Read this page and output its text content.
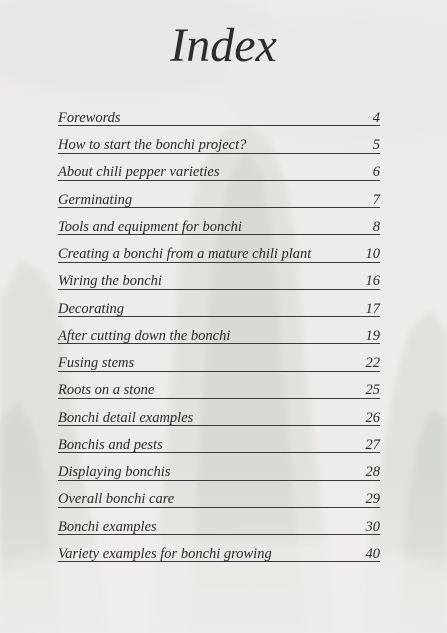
Index
Forewords	4
How to start the bonchi project?	5
About chili pepper varieties	6
Germinating	7
Tools and equipment for bonchi	8
Creating a bonchi from a mature chili plant	10
Wiring the bonchi	16
Decorating	17
After cutting down the bonchi	19
Fusing stems	22
Roots on a stone	25
Bonchi detail examples	26
Bonchis and pests	27
Displaying bonchis	28
Overall bonchi care	29
Bonchi examples	30
Variety examples for bonchi growing	40
